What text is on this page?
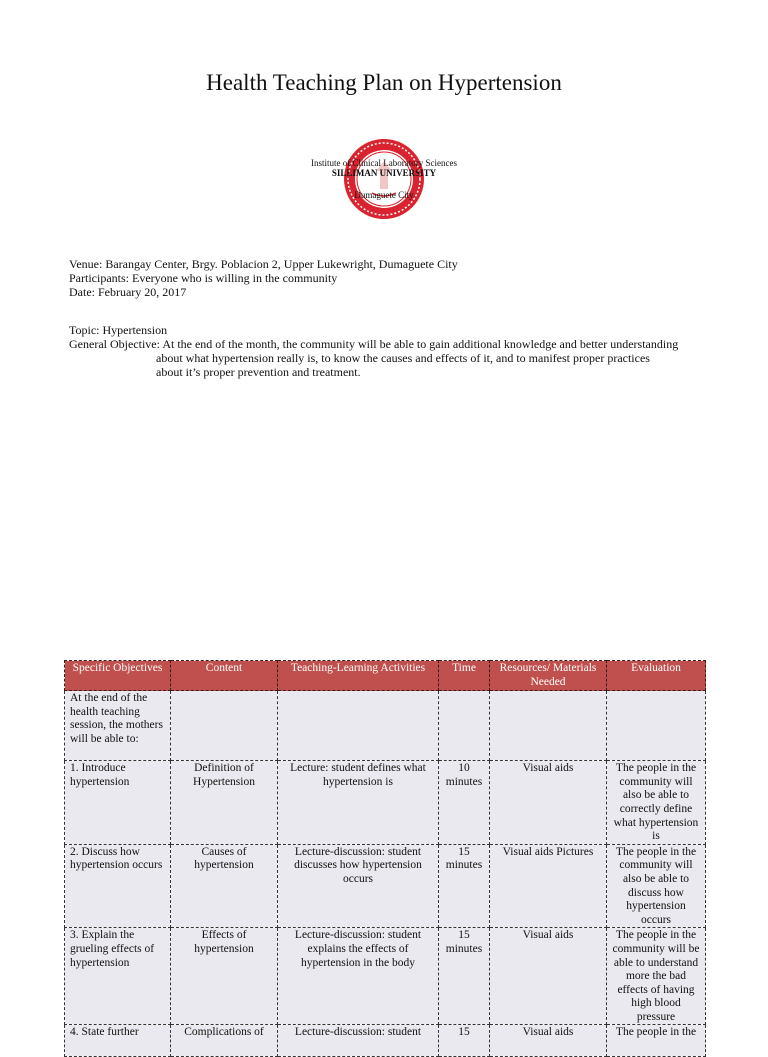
Health Teaching Plan on Hypertension
Institute of Clinical Laboratory Sciences
SILLIMAN UNIVERSITY
Dumaguete City
Venue: Barangay Center, Brgy. Poblacion 2, Upper Lukewright, Dumaguete City
Participants: Everyone who is willing in the community
Date: February 20, 2017
Topic: Hypertension
General Objective: At the end of the month, the community will be able to gain additional knowledge and better understanding about what hypertension really is, to know the causes and effects of it, and to manifest proper practices about it’s proper prevention and treatment.
Specific Objectives	Content	Teaching-Learning Activities	Time	Resources/ Materials Needed	Evaluation
At the end of the health teaching session, the mothers will be able to:					
1. Introduce hypertension	Definition of Hypertension	Lecture: student defines what hypertension is	10 minutes	Visual aids	The people in the community will also be able to correctly define what hypertension is
2. Discuss how hypertension occurs	Causes of hypertension	Lecture-discussion: student discusses how hypertension occurs	15 minutes	Visual aids Pictures	The people in the community will also be able to discuss how hypertension occurs
3. Explain the grueling effects of hypertension	Effects of hypertension	Lecture-discussion: student explains the effects of hypertension in the body	15 minutes	Visual aids	The people in the community will be able to understand more the bad effects of having high blood pressure
4. State further	Complications of	Lecture-discussion: student	15	Visual aids	The people in the
